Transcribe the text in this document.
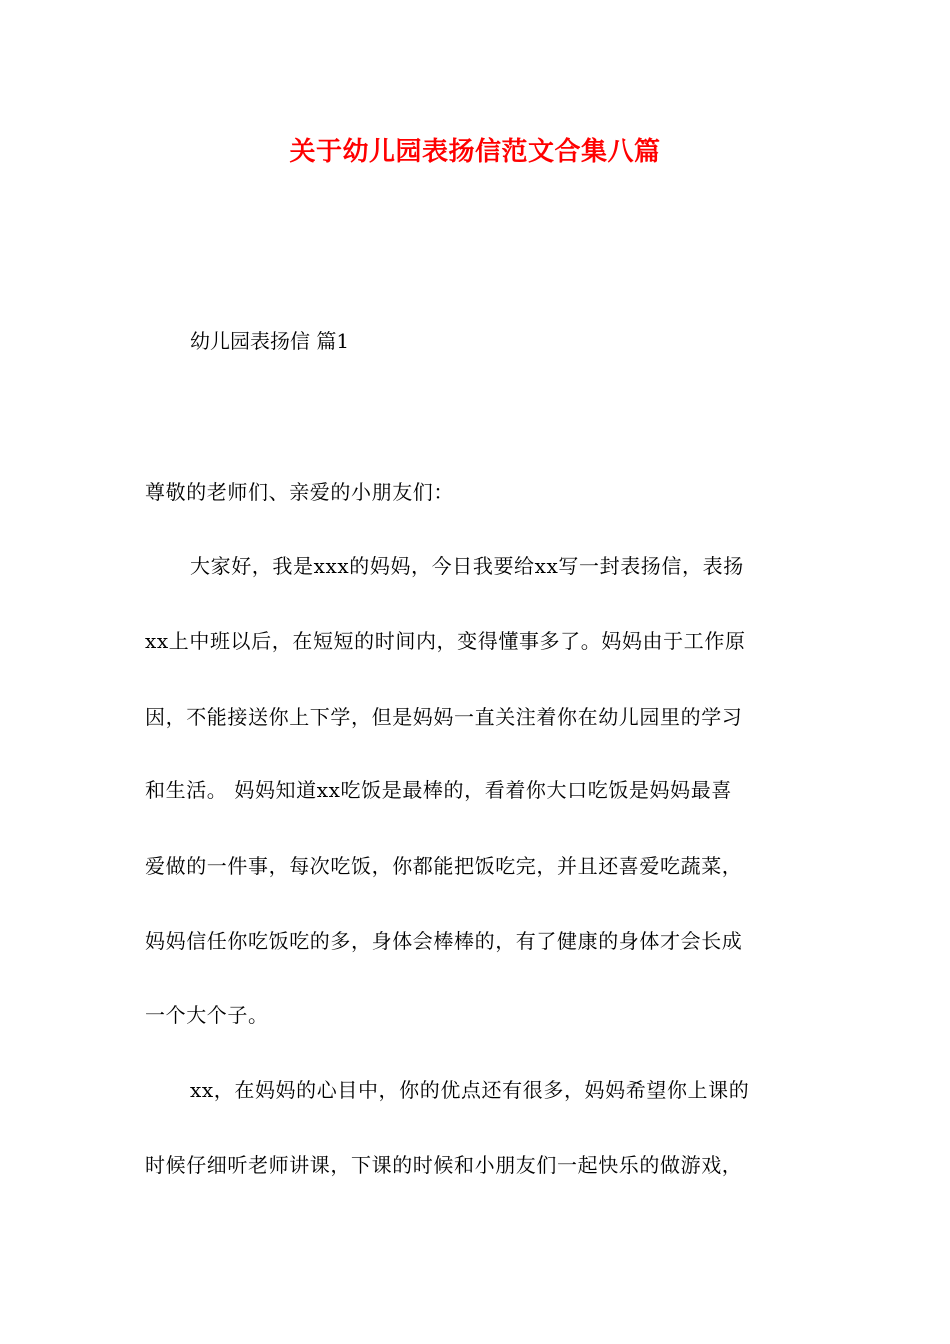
关于幼儿园表扬信范文合集八篇
幼儿园表扬信 篇1
尊敬的老师们、亲爱的小朋友们：
大家好，我是xxx的妈妈，今日我要给xx写一封表扬信，表扬
xx上中班以后，在短短的时间内，变得懂事多了。妈妈由于工作原
因，不能接送你上下学，但是妈妈一直关注着你在幼儿园里的学习
和生活。 妈妈知道xx吃饭是最棒的，看着你大口吃饭是妈妈最喜
爱做的一件事，每次吃饭，你都能把饭吃完，并且还喜爱吃蔬菜，
妈妈信任你吃饭吃的多，身体会棒棒的，有了健康的身体才会长成
一个大个子。
xx，在妈妈的心目中，你的优点还有很多，妈妈希望你上课的
时候仔细听老师讲课，下课的时候和小朋友们一起快乐的做游戏，
